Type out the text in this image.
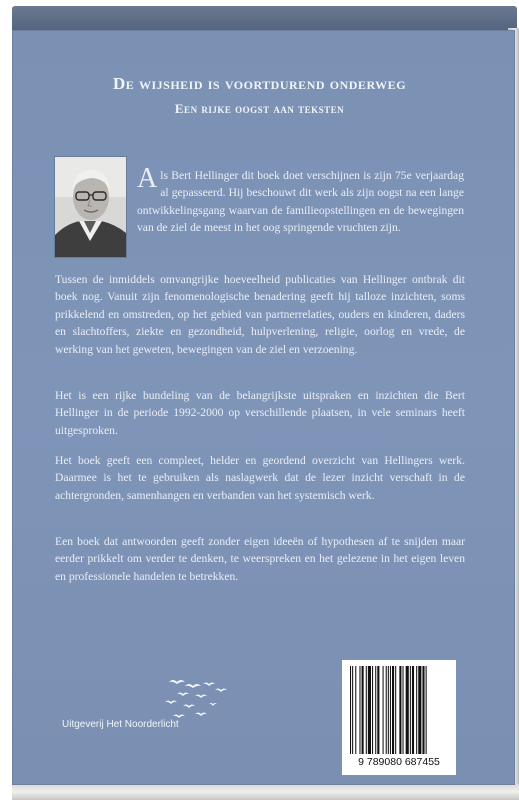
De wijsheid is voortdurend onderweg
Een rijke oogst aan teksten
Als Bert Hellinger dit boek doet verschijnen is zijn 75e verjaardag al gepasseerd. Hij beschouwt dit werk als zijn oogst na een lange ontwikkelingsgang waarvan de familieopstellingen en de bewegingen van de ziel de meest in het oog springende vruchten zijn.
Tussen de inmiddels omvangrijke hoeveelheid publicaties van Hellinger ontbrak dit boek nog. Vanuit zijn fenomenologische benadering geeft hij talloze inzichten, soms prikkelend en omstreden, op het gebied van partnerrelaties, ouders en kinderen, daders en slachtoffers, ziekte en gezondheid, hulpverlening, religie, oorlog en vrede, de werking van het geweten, bewegingen van de ziel en verzoening.
Het is een rijke bundeling van de belangrijkste uitspraken en inzichten die Bert Hellinger in de periode 1992-2000 op verschillende plaatsen, in vele seminars heeft uitgesproken.
Het boek geeft een compleet, helder en geordend overzicht van Hellingers werk. Daarmee is het te gebruiken als naslagwerk dat de lezer inzicht verschaft in de achtergronden, samenhangen en verbanden van het systemisch werk.
Een boek dat antwoorden geeft zonder eigen ideeën of hypothesen af te snijden maar eerder prikkelt om verder te denken, te weerspreken en het gelezene in het eigen leven en professionele handelen te betrekken.
Uitgeverij Het Noorderlicht
9 789080 687455
